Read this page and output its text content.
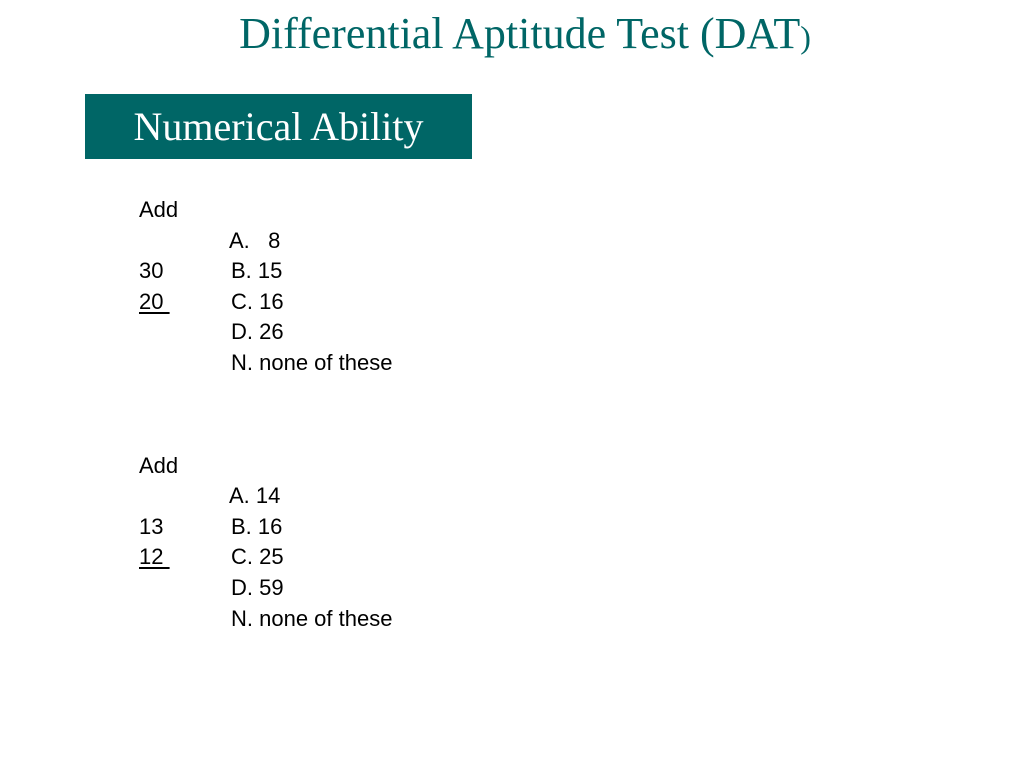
Differential Aptitude Test (DAT)
Numerical Ability
Add
A.   8
30	B. 15
20	C. 16
D. 26
N. none of these
Add
A. 14
13	B. 16
12	C. 25
D. 59
N. none of these
